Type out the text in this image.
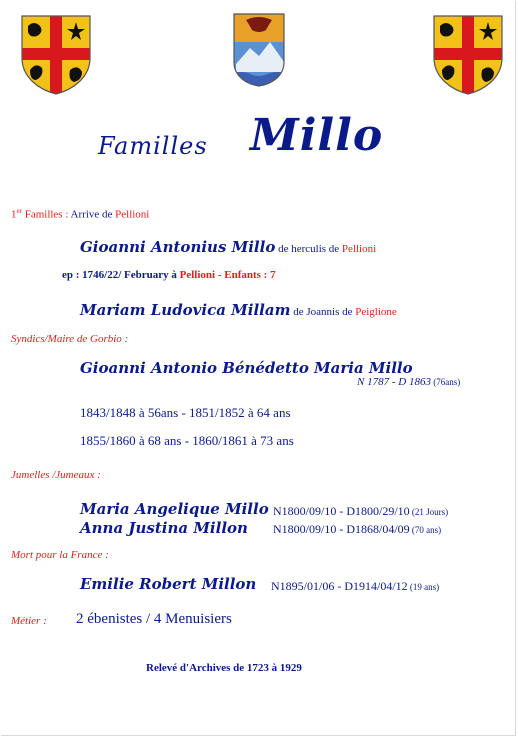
Familles Millo
1er Familles : Arrive de Pellioni
Gioanni Antonius Millo de herculis de Pellioni
ep : 1746/22/ February à Pellioni - Enfants : 7
Mariam Ludovica Millam de Joannis de Peiglione
Syndics/Maire de Gorbio :
Gioanni Antonio Bénédetto Maria Millo
N 1787 - D 1863 (76ans)
1843/1848 à 56ans - 1851/1852 à 64 ans
1855/1860 à 68 ans - 1860/1861 à 73 ans
Jumelles /Jumeaux :
Maria Angelique Millo N1800/09/10 - D1800/29/10 (21 Jours)
Anna Justina Millon N1800/09/10 - D1868/04/09 (70 ans)
Mort pour la France :
Emilie Robert Millon N1895/01/06 - D1914/04/12 (19 ans)
Métier : 2 ébenistes / 4 Menuisiers
Relevé d'Archives de 1723 à 1929
